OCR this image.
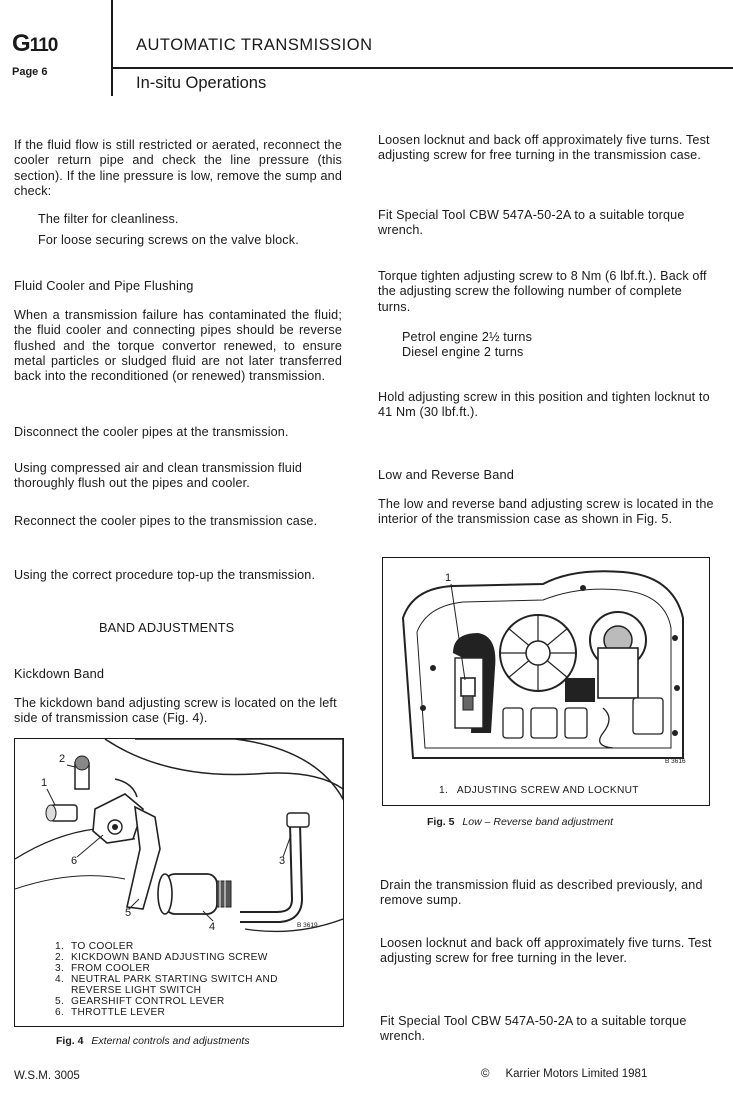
G110
Page 6
AUTOMATIC TRANSMISSION
In-situ Operations
If the fluid flow is still restricted or aerated, reconnect the cooler return pipe and check the line pressure (this section). If the line pressure is low, remove the sump and check:
The filter for cleanliness.
For loose securing screws on the valve block.
Fluid Cooler and Pipe Flushing
When a transmission failure has contaminated the fluid; the fluid cooler and connecting pipes should be reverse flushed and the torque convertor renewed, to ensure metal particles or sludged fluid are not later transferred back into the reconditioned (or renewed) transmission.
Disconnect the cooler pipes at the transmission.
Using compressed air and clean transmission fluid thoroughly flush out the pipes and cooler.
Reconnect the cooler pipes to the transmission case.
Using the correct procedure top-up the transmission.
BAND ADJUSTMENTS
Kickdown Band
The kickdown band adjusting screw is located on the left side of transmission case (Fig. 4).
1
2
3
4
5
6
B 3619
1. TO COOLER
2. KICKDOWN BAND ADJUSTING SCREW
3. FROM COOLER
4. NEUTRAL PARK STARTING SWITCH AND
REVERSE LIGHT SWITCH
5. GEARSHIFT CONTROL LEVER
6. THROTTLE LEVER
Fig. 4 External controls and adjustments
Loosen locknut and back off approximately five turns. Test adjusting screw for free turning in the transmission case.
Fit Special Tool CBW 547A-50-2A to a suitable torque wrench.
Torque tighten adjusting screw to 8 Nm (6 lbf.ft.). Back off the adjusting screw the following number of complete turns.
Petrol engine 2½ turns
Diesel engine 2 turns
Hold adjusting screw in this position and tighten locknut to 41 Nm (30 lbf.ft.).
Low and Reverse Band
The low and reverse band adjusting screw is located in the interior of the transmission case as shown in Fig. 5.
1
B 3616
1.   ADJUSTING SCREW AND LOCKNUT
Fig. 5 Low – Reverse band adjustment
Drain the transmission fluid as described previously, and remove sump.
Loosen locknut and back off approximately five turns. Test adjusting screw for free turning in the lever.
Fit Special Tool CBW 547A-50-2A to a suitable torque wrench.
W.S.M. 3005	©     Karrier Motors Limited 1981
